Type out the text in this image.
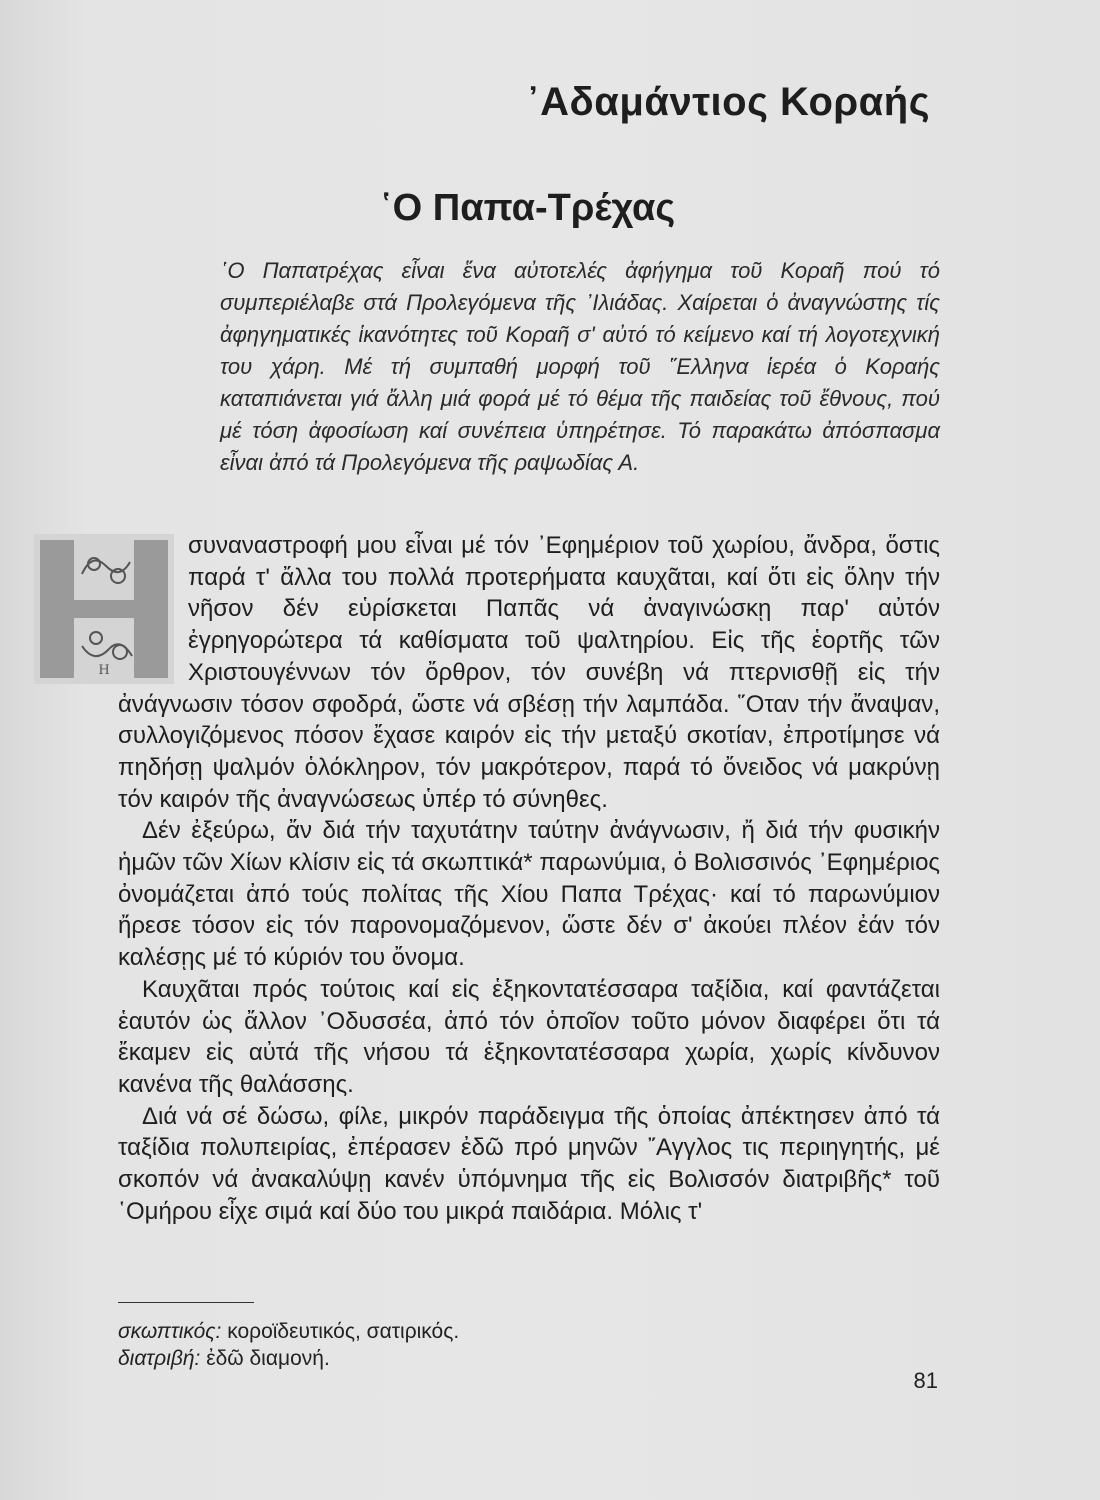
᾿Αδαμάντιος Κοραής
῾Ο Παπα-Τρέχας

῾Ο Παπατρέχας εἶναι ἕνα αὐτοτελές ἀφήγημα τοῦ Κοραῆ πού τό συμπεριέλαβε στά Προλεγόμενα τῆς ᾿Ιλιάδας. Χαίρεται ὁ ἀναγνώστης τίς ἀφηγηματικές ἱκανότητες τοῦ Κοραῆ σ' αὐτό τό κείμενο καί τή λογοτεχνική του χάρη. Μέ τή συμπαθή μορφή τοῦ ῞Ελληνα ἱερέα ὁ Κοραής καταπιάνεται γιά ἄλλη μιά φορά μέ τό θέμα τῆς παιδείας τοῦ ἔθνους, πού μέ τόση ἀφοσίωση καί συνέπεια ὑπηρέτησε. Τό παρακάτω ἀπόσπασμα εἶναι ἀπό τά Προλεγόμενα τῆς ραψωδίας Α.

Η
συναναστροφή μου εἶναι μέ τόν ᾿Εφημέριον τοῦ χωρίου, ἄνδρα, ὅστις παρά τ' ἄλλα του πολλά προτερήματα καυχᾶται, καί ὅτι εἰς ὅλην τήν νῆσον δέν εὑρίσκεται Παπᾶς νά ἀναγινώσκῃ παρ' αὐτόν ἐγρηγορώτερα τά καθίσματα τοῦ ψαλτηρίου. Εἰς τῆς ἑορτῆς τῶν Χριστουγέννων τόν ὄρθρον, τόν συνέβη νά πτερνισθῇ εἰς τήν ἀνάγνωσιν τόσον σφοδρά, ὥστε νά σβέσῃ τήν λαμπάδα. ῞Οταν τήν ἄναψαν, συλλογιζόμενος πόσον ἔχασε καιρόν εἰς τήν μεταξύ σκοτίαν, ἐπροτίμησε νά πηδήσῃ ψαλμόν ὁλόκληρον, τόν μακρότερον, παρά τό ὄνειδος νά μακρύνῃ τόν καιρόν τῆς ἀναγνώσεως ὑπέρ τό σύνηθες.

Δέν ἐξεύρω, ἄν διά τήν ταχυτάτην ταύτην ἀνάγνωσιν, ἤ διά τήν φυσικήν ἡμῶν τῶν Χίων κλίσιν εἰς τά σκωπτικά* παρωνύμια, ὁ Βολισσινός ᾿Εφημέριος ὀνομάζεται ἀπό τούς πολίτας τῆς Χίου Παπα Τρέχας· καί τό παρωνύμιον ἤρεσε τόσον εἰς τόν παρονομαζόμενον, ὥστε δέν σ' ἀκούει πλέον ἐάν τόν καλέσῃς μέ τό κύριόν του ὄνομα.

Καυχᾶται πρός τούτοις καί εἰς ἑξηκοντατέσσαρα ταξίδια, καί φαντάζεται ἑαυτόν ὡς ἄλλον ᾿Οδυσσέα, ἀπό τόν ὁποῖον τοῦτο μόνον διαφέρει ὅτι τά ἔκαμεν εἰς αὐτά τῆς νήσου τά ἑξηκοντατέσσαρα χωρία, χωρίς κίνδυνον κανένα τῆς θαλάσσης.

Διά νά σέ δώσω, φίλε, μικρόν παράδειγμα τῆς ὁποίας ἀπέκτησεν ἀπό τά ταξίδια πολυπειρίας, ἐπέρασεν ἐδῶ πρό μηνῶν ῎Αγγλος τις περιηγητής, μέ σκοπόν νά ἀνακαλύψῃ κανέν ὑπόμνημα τῆς εἰς Βολισσόν διατριβῆς* τοῦ ῾Ομήρου εἶχε σιμά καί δύο του μικρά παιδάρια. Μόλις τ'

σκωπτικός: κοροϊδευτικός, σατιρικός.
διατριβή: ἐδῶ διαμονή.
81
